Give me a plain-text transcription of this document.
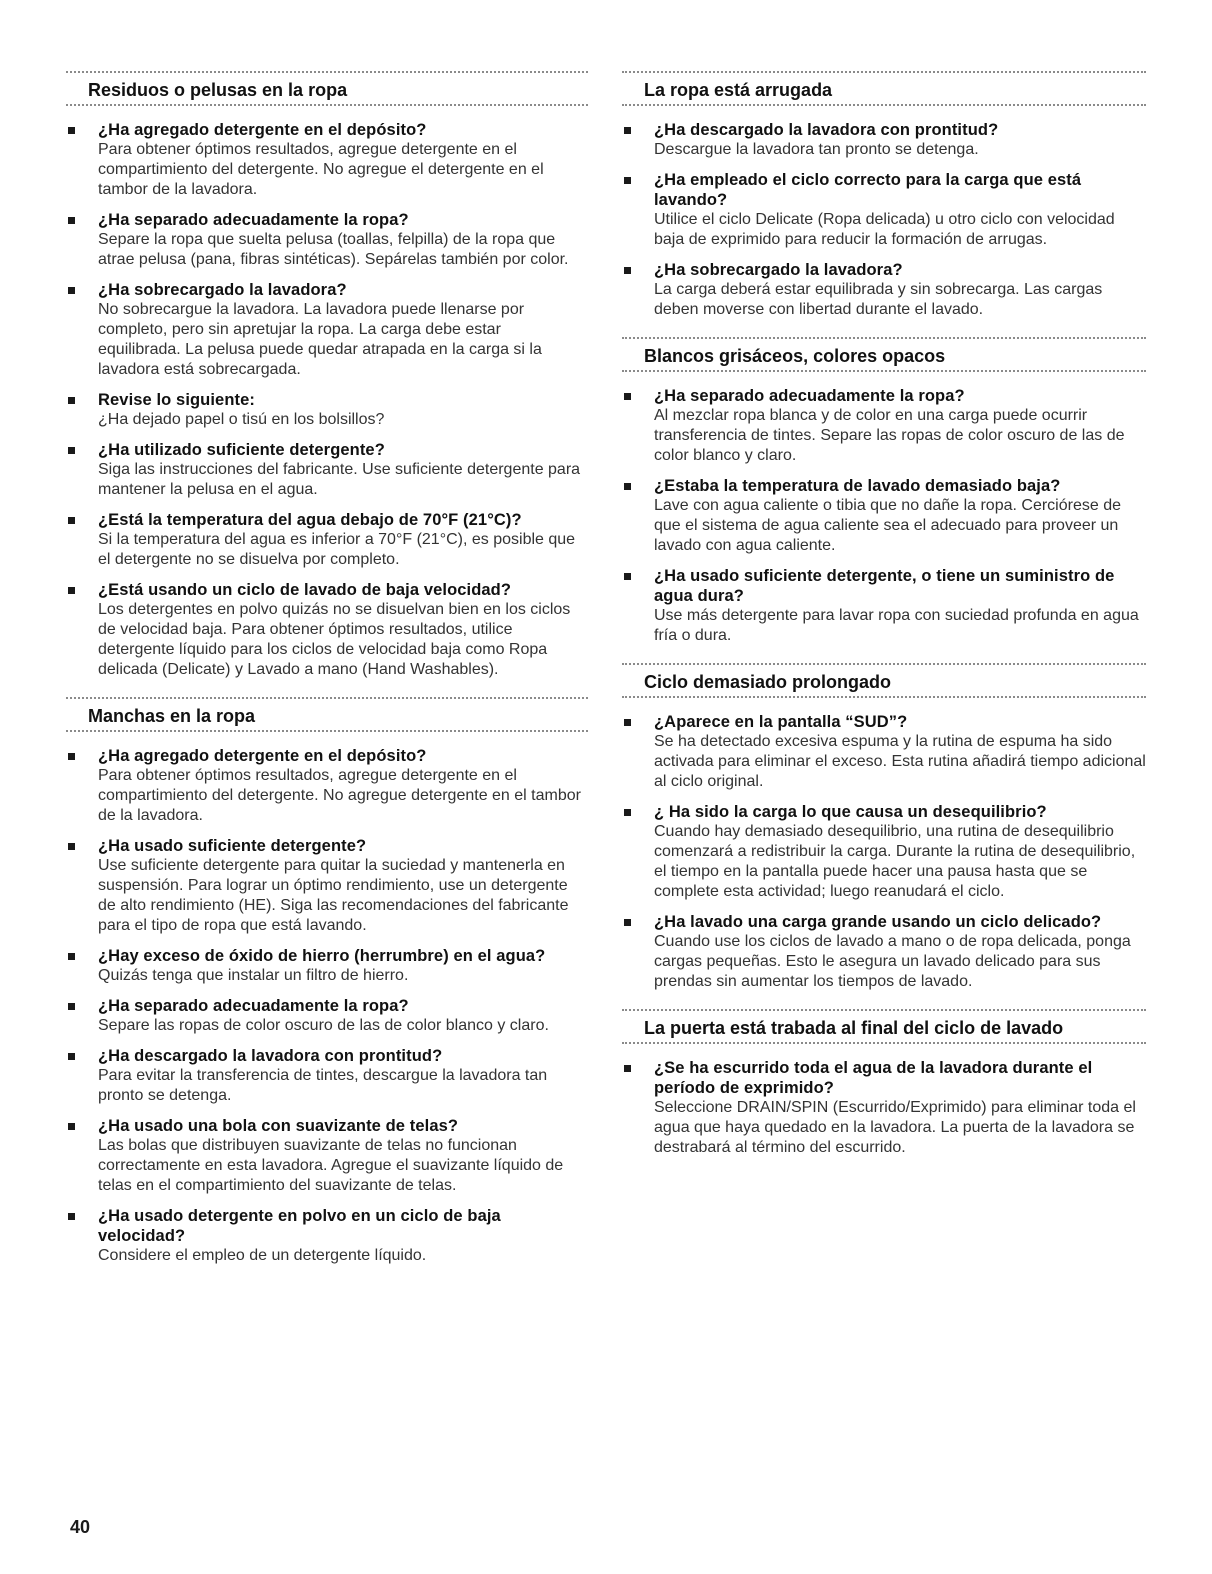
Residuos o pelusas en la ropa
¿Ha agregado detergente en el depósito?
Para obtener óptimos resultados, agregue detergente en el compartimiento del detergente. No agregue el detergente en el tambor de la lavadora.
¿Ha separado adecuadamente la ropa?
Separe la ropa que suelta pelusa (toallas, felpilla) de la ropa que atrae pelusa (pana, fibras sintéticas). Sepárelas también por color.
¿Ha sobrecargado la lavadora?
No sobrecargue la lavadora. La lavadora puede llenarse por completo, pero sin apretujar la ropa. La carga debe estar equilibrada. La pelusa puede quedar atrapada en la carga si la lavadora está sobrecargada.
Revise lo siguiente:
¿Ha dejado papel o tisú en los bolsillos?
¿Ha utilizado suficiente detergente?
Siga las instrucciones del fabricante. Use suficiente detergente para mantener la pelusa en el agua.
¿Está la temperatura del agua debajo de 70°F (21°C)?
Si la temperatura del agua es inferior a 70°F (21°C), es posible que el detergente no se disuelva por completo.
¿Está usando un ciclo de lavado de baja velocidad?
Los detergentes en polvo quizás no se disuelvan bien en los ciclos de velocidad baja. Para obtener óptimos resultados, utilice detergente líquido para los ciclos de velocidad baja como Ropa delicada (Delicate) y Lavado a mano (Hand Washables).
Manchas en la ropa
¿Ha agregado detergente en el depósito?
Para obtener óptimos resultados, agregue detergente en el compartimiento del detergente. No agregue detergente en el tambor de la lavadora.
¿Ha usado suficiente detergente?
Use suficiente detergente para quitar la suciedad y mantenerla en suspensión. Para lograr un óptimo rendimiento, use un detergente de alto rendimiento (HE). Siga las recomendaciones del fabricante para el tipo de ropa que está lavando.
¿Hay exceso de óxido de hierro (herrumbre) en el agua?
Quizás tenga que instalar un filtro de hierro.
¿Ha separado adecuadamente la ropa?
Separe las ropas de color oscuro de las de color blanco y claro.
¿Ha descargado la lavadora con prontitud?
Para evitar la transferencia de tintes, descargue la lavadora tan pronto se detenga.
¿Ha usado una bola con suavizante de telas?
Las bolas que distribuyen suavizante de telas no funcionan correctamente en esta lavadora. Agregue el suavizante líquido de telas en el compartimiento del suavizante de telas.
¿Ha usado detergente en polvo en un ciclo de baja velocidad?
Considere el empleo de un detergente líquido.
La ropa está arrugada
¿Ha descargado la lavadora con prontitud?
Descargue la lavadora tan pronto se detenga.
¿Ha empleado el ciclo correcto para la carga que está lavando?
Utilice el ciclo Delicate (Ropa delicada) u otro ciclo con velocidad baja de exprimido para reducir la formación de arrugas.
¿Ha sobrecargado la lavadora?
La carga deberá estar equilibrada y sin sobrecarga. Las cargas deben moverse con libertad durante el lavado.
Blancos grisáceos, colores opacos
¿Ha separado adecuadamente la ropa?
Al mezclar ropa blanca y de color en una carga puede ocurrir transferencia de tintes. Separe las ropas de color oscuro de las de color blanco y claro.
¿Estaba la temperatura de lavado demasiado baja?
Lave con agua caliente o tibia que no dañe la ropa. Cerciórese de que el sistema de agua caliente sea el adecuado para proveer un lavado con agua caliente.
¿Ha usado suficiente detergente, o tiene un suministro de agua dura?
Use más detergente para lavar ropa con suciedad profunda en agua fría o dura.
Ciclo demasiado prolongado
¿Aparece en la pantalla “SUD”?
Se ha detectado excesiva espuma y la rutina de espuma ha sido activada para eliminar el exceso. Esta rutina añadirá tiempo adicional al ciclo original.
¿ Ha sido la carga lo que causa un desequilibrio?
Cuando hay demasiado desequilibrio, una rutina de desequilibrio comenzará a redistribuir la carga. Durante la rutina de desequilibrio, el tiempo en la pantalla puede hacer una pausa hasta que se complete esta actividad; luego reanudará el ciclo.
¿Ha lavado una carga grande usando un ciclo delicado?
Cuando use los ciclos de lavado a mano o de ropa delicada, ponga cargas pequeñas. Esto le asegura un lavado delicado para sus prendas sin aumentar los tiempos de lavado.
La puerta está trabada al final del ciclo de lavado
¿Se ha escurrido toda el agua de la lavadora durante el período de exprimido?
Seleccione DRAIN/SPIN (Escurrido/Exprimido) para eliminar toda el agua que haya quedado en la lavadora. La puerta de la lavadora se destrabará al término del escurrido.
40
